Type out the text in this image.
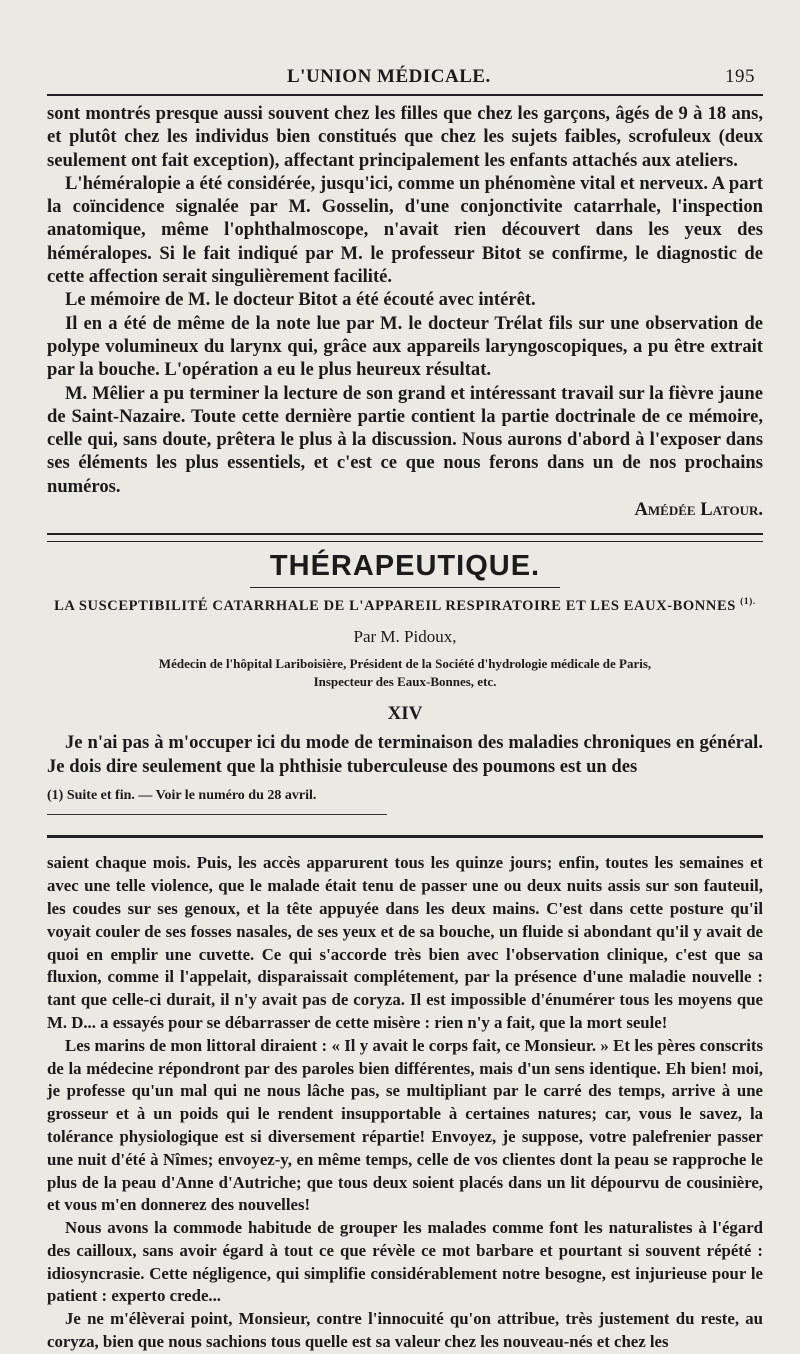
L'UNION MÉDICALE.	195

sont montrés presque aussi souvent chez les filles que chez les garçons, âgés de 9 à 18 ans, et plutôt chez les individus bien constitués que chez les sujets faibles, scrofuleux (deux seulement ont fait exception), affectant principalement les enfants attachés aux ateliers.

L'héméralopie a été considérée, jusqu'ici, comme un phénomène vital et nerveux. A part la coïncidence signalée par M. Gosselin, d'une conjonctivite catarrhale, l'inspection anatomique, même l'ophthalmoscope, n'avait rien découvert dans les yeux des héméralopes. Si le fait indiqué par M. le professeur Bitot se confirme, le diagnostic de cette affection serait singulièrement facilité.

Le mémoire de M. le docteur Bitot a été écouté avec intérêt.

Il en a été de même de la note lue par M. le docteur Trélat fils sur une observation de polype volumineux du larynx qui, grâce aux appareils laryngoscopiques, a pu être extrait par la bouche. L'opération a eu le plus heureux résultat.

M. Mêlier a pu terminer la lecture de son grand et intéressant travail sur la fièvre jaune de Saint-Nazaire. Toute cette dernière partie contient la partie doctrinale de ce mémoire, celle qui, sans doute, prêtera le plus à la discussion. Nous aurons d'abord à l'exposer dans ses éléments les plus essentiels, et c'est ce que nous ferons dans un de nos prochains numéros.

Amédée Latour.

THÉRAPEUTIQUE.
LA SUSCEPTIBILITÉ CATARRHALE DE L'APPAREIL RESPIRATOIRE ET LES EAUX-BONNES $^{(1).}$
Par M. Pidoux,
Médecin de l'hôpital Lariboisière, Président de la Société d'hydrologie médicale de Paris,
Inspecteur des Eaux-Bonnes, etc.
XIV

Je n'ai pas à m'occuper ici du mode de terminaison des maladies chroniques en général. Je dois dire seulement que la phthisie tuberculeuse des poumons est un des

(1) Suite et fin. — Voir le numéro du 28 avril.

saient chaque mois. Puis, les accès apparurent tous les quinze jours; enfin, toutes les semaines et avec une telle violence, que le malade était tenu de passer une ou deux nuits assis sur son fauteuil, les coudes sur ses genoux, et la tête appuyée dans les deux mains. C'est dans cette posture qu'il voyait couler de ses fosses nasales, de ses yeux et de sa bouche, un fluide si abondant qu'il y avait de quoi en emplir une cuvette. Ce qui s'accorde très bien avec l'observation clinique, c'est que sa fluxion, comme il l'appelait, disparaissait complétement, par la présence d'une maladie nouvelle : tant que celle-ci durait, il n'y avait pas de coryza. Il est impossible d'énumérer tous les moyens que M. D... a essayés pour se débarrasser de cette misère : rien n'y a fait, que la mort seule!

Les marins de mon littoral diraient : « Il y avait le corps fait, ce Monsieur. » Et les pères conscrits de la médecine répondront par des paroles bien différentes, mais d'un sens identique. Eh bien! moi, je professe qu'un mal qui ne nous lâche pas, se multipliant par le carré des temps, arrive à une grosseur et à un poids qui le rendent insupportable à certaines natures; car, vous le savez, la tolérance physiologique est si diversement répartie! Envoyez, je suppose, votre palefrenier passer une nuit d'été à Nîmes; envoyez-y, en même temps, celle de vos clientes dont la peau se rapproche le plus de la peau d'Anne d'Autriche; que tous deux soient placés dans un lit dépourvu de cousinière, et vous m'en donnerez des nouvelles!

Nous avons la commode habitude de grouper les malades comme font les naturalistes à l'égard des cailloux, sans avoir égard à tout ce que révèle ce mot barbare et pourtant si souvent répété : idiosyncrasie. Cette négligence, qui simplifie considérablement notre besogne, est injurieuse pour le patient : experto crede...

Je ne m'élèverai point, Monsieur, contre l'innocuité qu'on attribue, très justement du reste, au coryza, bien que nous sachions tous quelle est sa valeur chez les nouveau-nés et chez les
